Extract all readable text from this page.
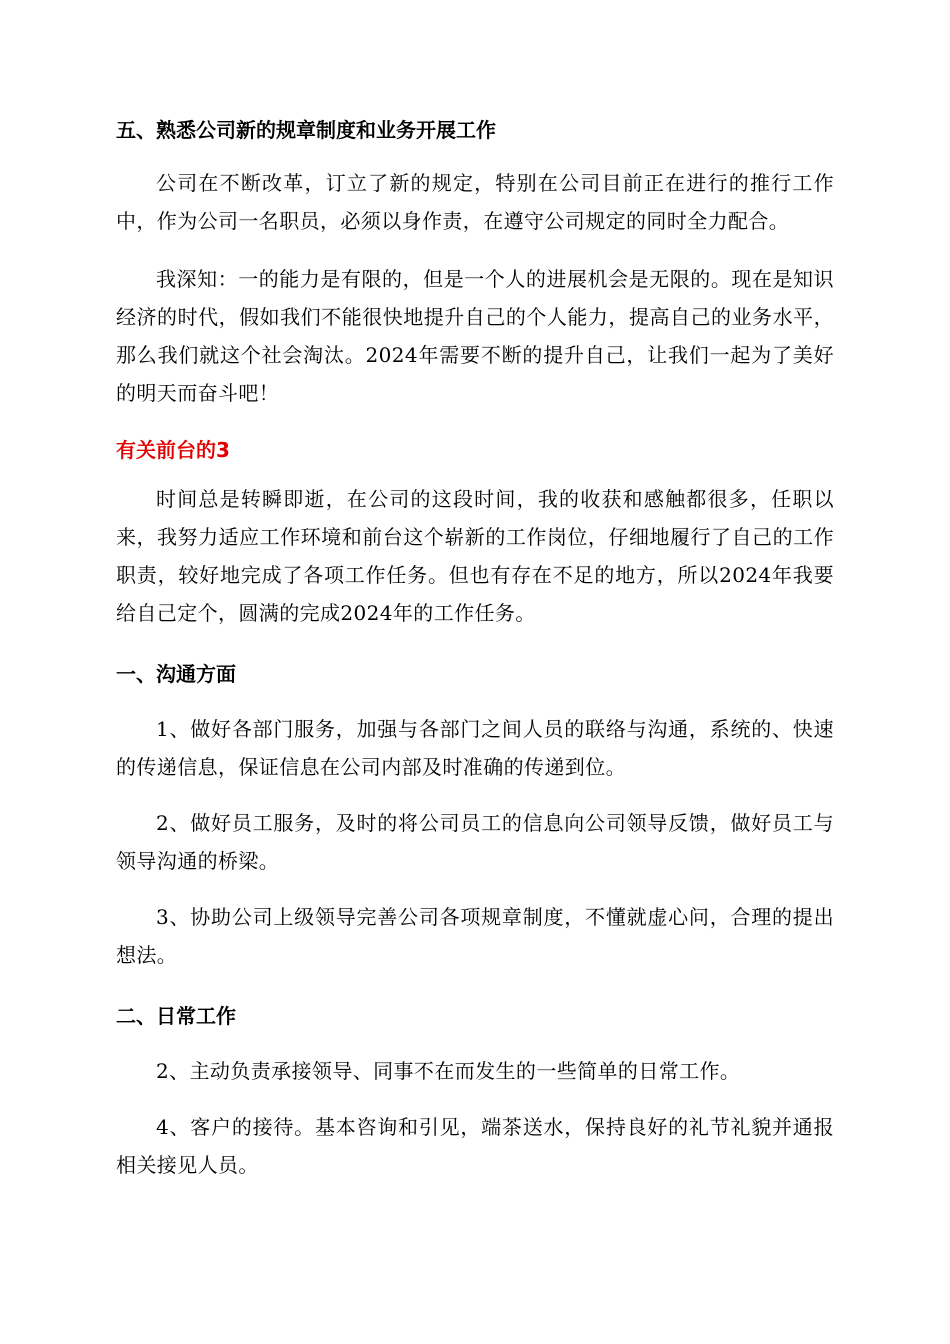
五、熟悉公司新的规章制度和业务开展工作

公司在不断改革，订立了新的规定，特别在公司目前正在进行的推行工作中，作为公司一名职员，必须以身作责，在遵守公司规定的同时全力配合。

我深知：一的能力是有限的，但是一个人的进展机会是无限的。现在是知识经济的时代，假如我们不能很快地提升自己的个人能力，提高自己的业务水平，那么我们就这个社会淘汰。2024年需要不断的提升自己，让我们一起为了美好的明天而奋斗吧！

有关前台的3

时间总是转瞬即逝，在公司的这段时间，我的收获和感触都很多，任职以来，我努力适应工作环境和前台这个崭新的工作岗位，仔细地履行了自己的工作职责，较好地完成了各项工作任务。但也有存在不足的地方，所以2024年我要给自己定个，圆满的完成2024年的工作任务。

一、沟通方面

1、做好各部门服务，加强与各部门之间人员的联络与沟通，系统的、快速的传递信息，保证信息在公司内部及时准确的传递到位。

2、做好员工服务，及时的将公司员工的信息向公司领导反馈，做好员工与领导沟通的桥梁。

3、协助公司上级领导完善公司各项规章制度，不懂就虚心问，合理的提出想法。

二、日常工作

2、主动负责承接领导、同事不在而发生的一些简单的日常工作。

4、客户的接待。基本咨询和引见，端茶送水，保持良好的礼节礼貌并通报相关接见人员。
